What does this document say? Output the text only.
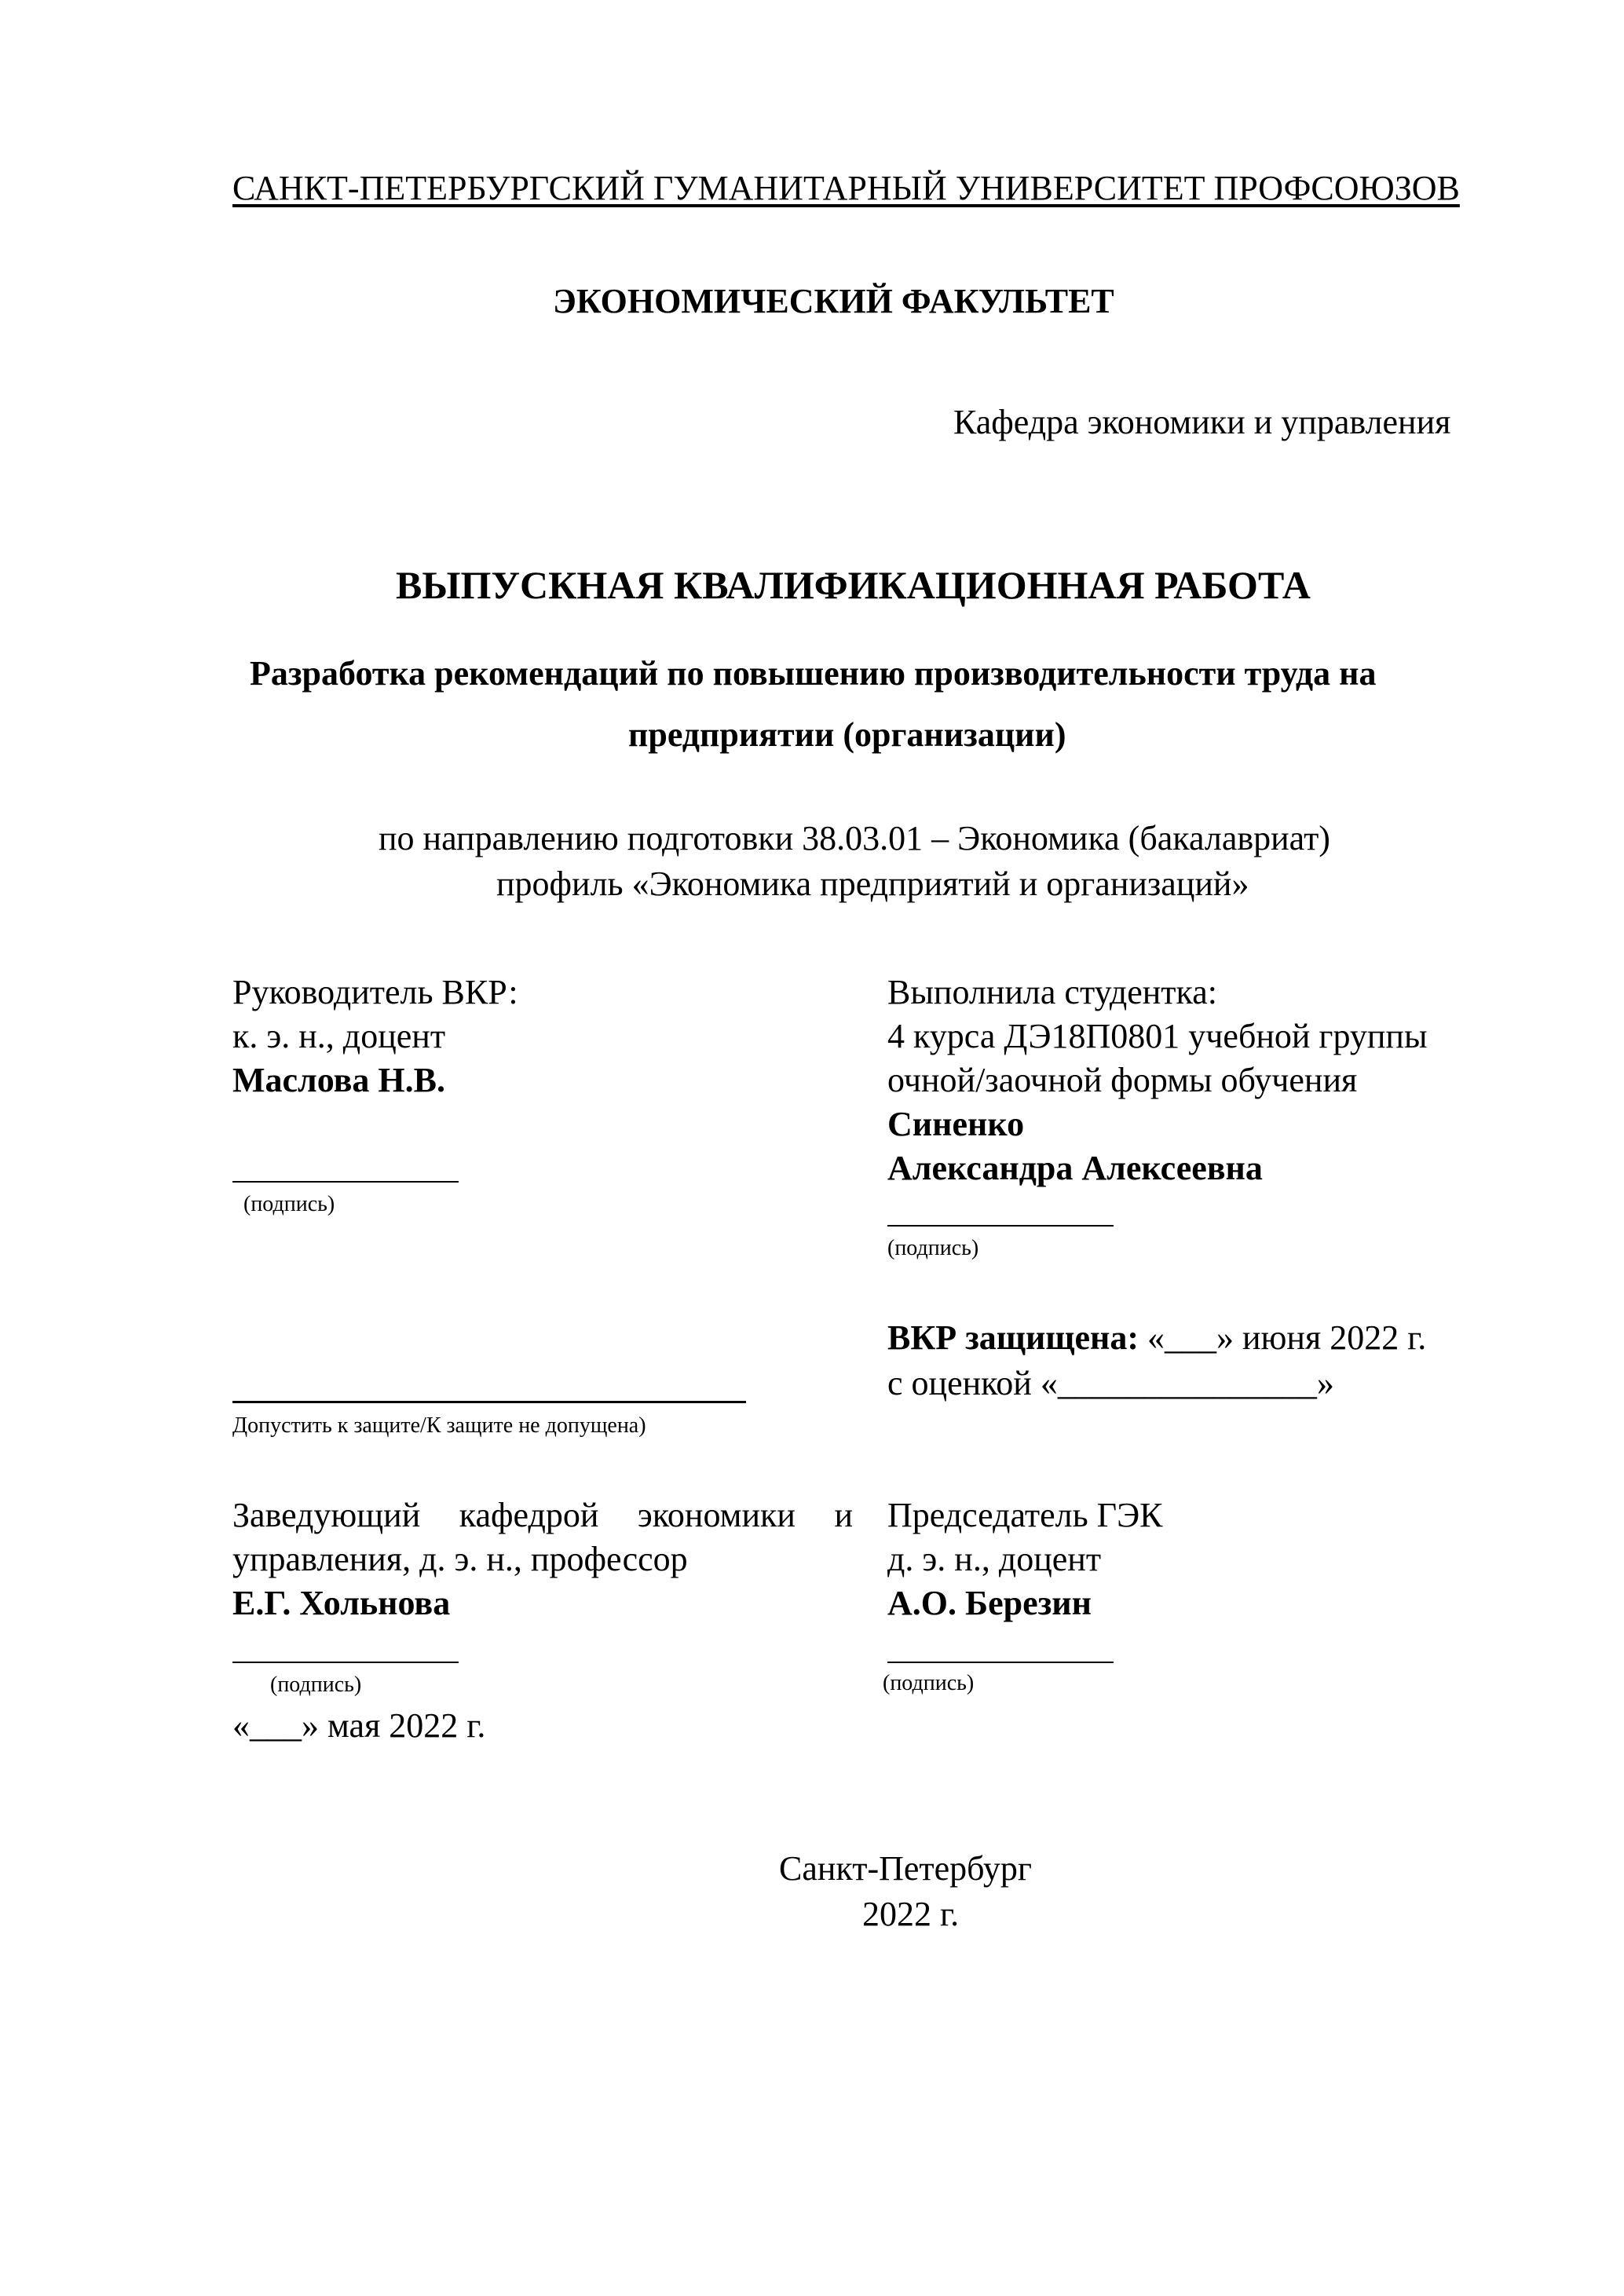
САНКТ-ПЕТЕРБУРГСКИЙ ГУМАНИТАРНЫЙ УНИВЕРСИТЕТ ПРОФСОЮЗОВ
ЭКОНОМИЧЕСКИЙ ФАКУЛЬТЕТ
Кафедра экономики и управления
ВЫПУСКНАЯ КВАЛИФИКАЦИОННАЯ РАБОТА
Разработка рекомендаций по повышению производительности труда на
предприятии (организации)
по направлению подготовки 38.03.01 – Экономика (бакалавриат)
профиль «Экономика предприятий и организаций»
Руководитель ВКР:
к. э. н., доцент
Маслова Н.В.
(подпись)
Выполнила студентка:
4 курса ДЭ18П0801 учебной группы
очной/заочной формы обучения
Синенко
Александра Алексеевна
(подпись)
ВКР защищена: «___» июня 2022 г.
с оценкой «_______________»
Допустить к защите/К защите не допущена)
Заведующий кафедрой экономики и
управления, д. э. н., профессор
Е.Г. Хольнова
(подпись)
«___» мая 2022 г.
Председатель ГЭК
д. э. н., доцент
А.О. Березин
(подпись)
Санкт-Петербург
2022 г.
